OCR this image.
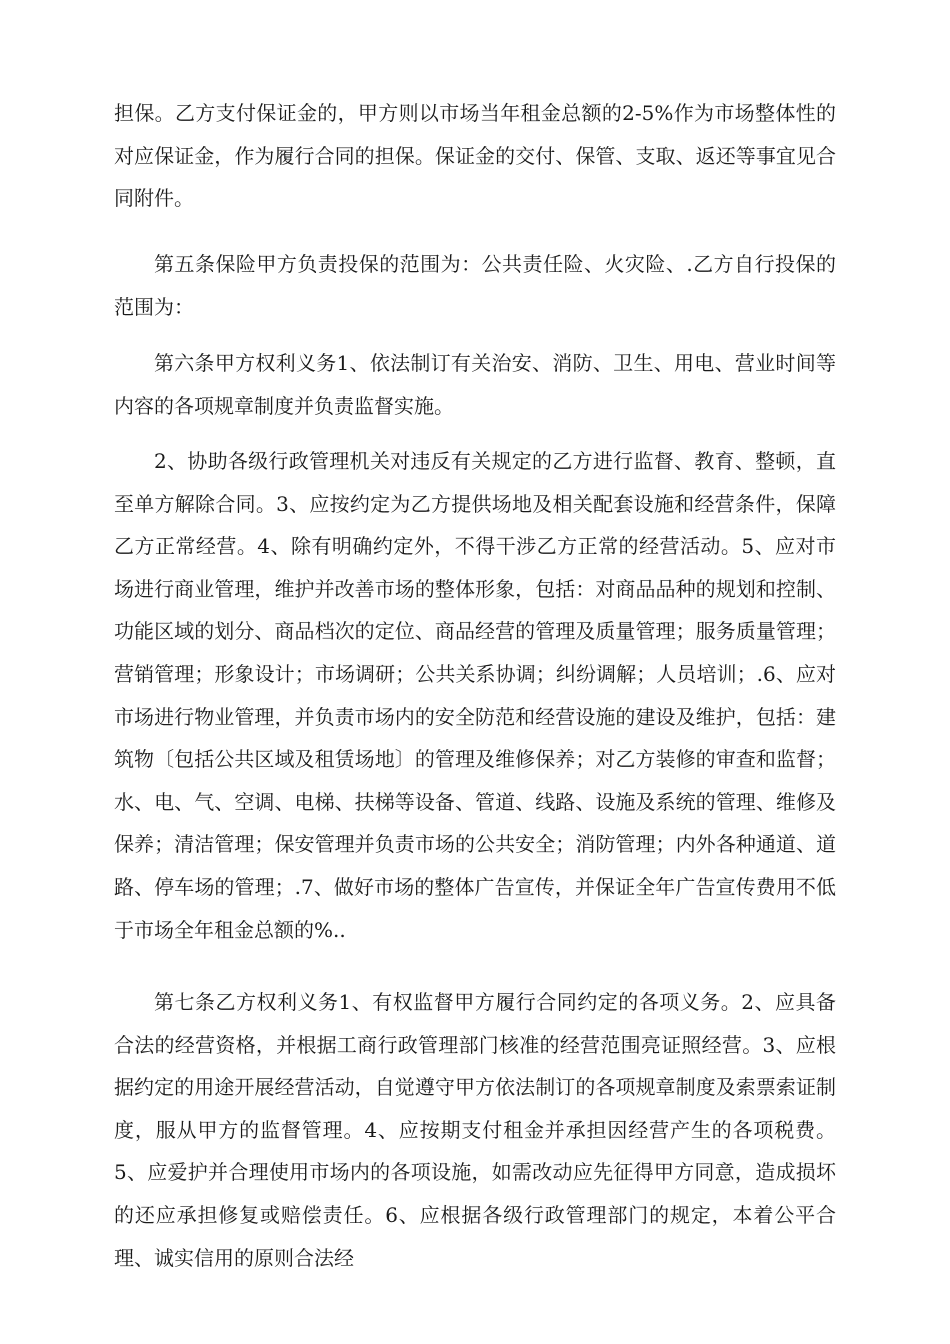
担保。乙方支付保证金的，甲方则以市场当年租金总额的2-5%作为市场整体性的对应保证金，作为履行合同的担保。保证金的交付、保管、支取、返还等事宜见合同附件。

第五条保险甲方负责投保的范围为：公共责任险、火灾险、.乙方自行投保的范围为：

第六条甲方权利义务1、依法制订有关治安、消防、卫生、用电、营业时间等内容的各项规章制度并负责监督实施。

2、协助各级行政管理机关对违反有关规定的乙方进行监督、教育、整顿，直至单方解除合同。3、应按约定为乙方提供场地及相关配套设施和经营条件，保障乙方正常经营。4、除有明确约定外，不得干涉乙方正常的经营活动。5、应对市场进行商业管理，维护并改善市场的整体形象，包括：对商品品种的规划和控制、功能区域的划分、商品档次的定位、商品经营的管理及质量管理；服务质量管理；营销管理；形象设计；市场调研；公共关系协调；纠纷调解；人员培训；.6、应对市场进行物业管理，并负责市场内的安全防范和经营设施的建设及维护，包括：建筑物〔包括公共区域及租赁场地〕的管理及维修保养；对乙方装修的审查和监督；水、电、气、空调、电梯、扶梯等设备、管道、线路、设施及系统的管理、维修及保养；清洁管理；保安管理并负责市场的公共安全；消防管理；内外各种通道、道路、停车场的管理；.7、做好市场的整体广告宣传，并保证全年广告宣传费用不低于市场全年租金总额的%..

第七条乙方权利义务1、有权监督甲方履行合同约定的各项义务。2、应具备合法的经营资格，并根据工商行政管理部门核准的经营范围亮证照经营。3、应根据约定的用途开展经营活动，自觉遵守甲方依法制订的各项规章制度及索票索证制度，服从甲方的监督管理。4、应按期支付租金并承担因经营产生的各项税费。5、应爱护并合理使用市场内的各项设施，如需改动应先征得甲方同意，造成损坏的还应承担修复或赔偿责任。6、应根据各级行政管理部门的规定，本着公平合理、诚实信用的原则合法经
